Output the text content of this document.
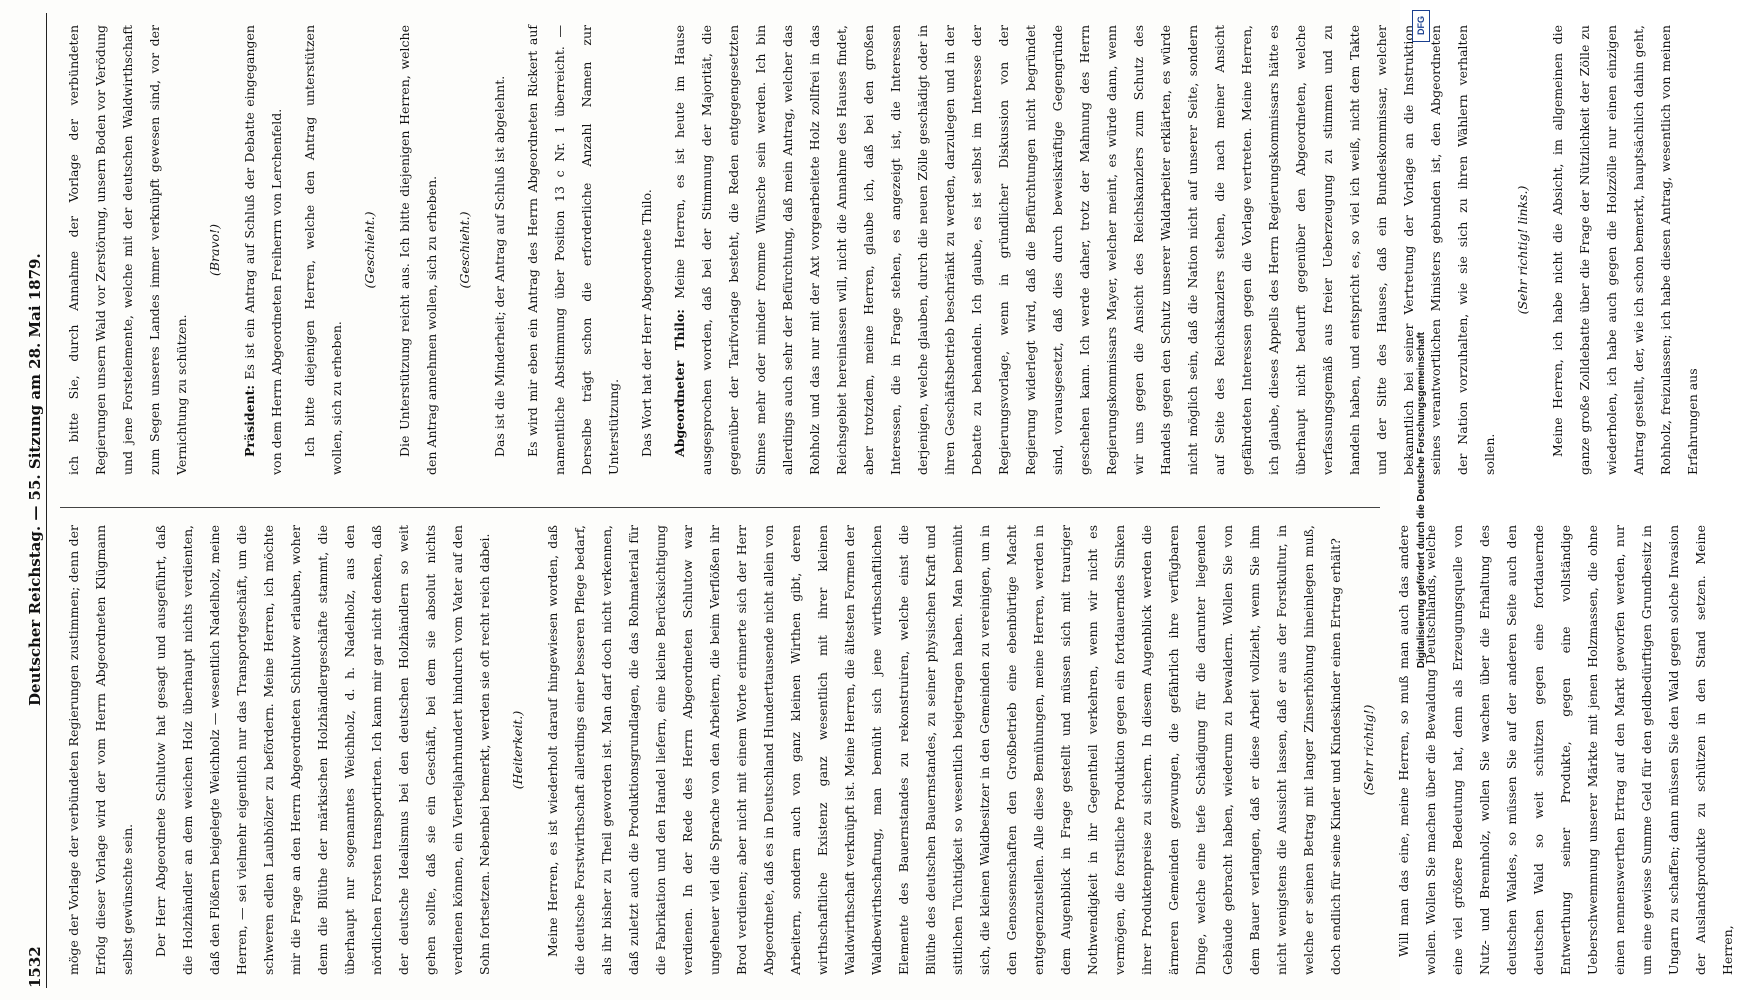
1532
Deutscher Reichstag. — 55. Sitzung am 28. Mai 1879.

möge der Vorlage der verbündeten Regierungen zustimmen; denn der Erfolg dieser Vorlage wird der vom Herrn Abgeordneten Klügmann selbst gewünschte sein.	Der Herr Abgeordnete Schlutow hat gesagt und ausgeführt, daß die Holzhändler an dem weichen Holz überhaupt nichts verdienten, daß den Flößern beigelegte Weichholz — wesentlich Nadelholz, meine Herren, — sei vielmehr eigentlich nur das Transportgeschäft, um die schweren edlen Laubhölzer zu befördern. Meine Herren, ich möchte mir die Frage an den Herrn Abgeordneten Schlutow erlauben, woher denn die Blüthe der märkischen Holzhändlergeschäfte stammt, die überhaupt nur sogenanntes Weichholz, d. h. Nadelholz, aus den nördlichen Forsten transportirten. Ich kann mir gar nicht denken, daß der deutsche Idealismus bei den deutschen Holzhändlern so weit gehen sollte, daß sie ein Geschäft, bei dem sie absolut nichts verdienen können, ein Vierteljahrhundert hindurch vom Vater auf den Sohn fortsetzen. Nebenbei bemerkt, werden sie oft recht reich dabei.	(Heiterkeit.)	Meine Herren, es ist wiederholt darauf hingewiesen worden, daß die deutsche Forstwirthschaft allerdings einer besseren Pflege bedarf, als ihr bisher zu Theil geworden ist. Man darf doch nicht verkennen, daß zuletzt auch die Produktionsgrundlagen, die das Rohmaterial für die Fabrikation und den Handel liefern, eine kleine Berücksichtigung verdienen. In der Rede des Herrn Abgeordneten Schlutow war ungeheuer viel die Sprache von den Arbeitern, die beim Verflößen ihr Brod verdienen; aber nicht mit einem Worte erinnerte sich der Herr Abgeordnete, daß es in Deutschland Hunderttausende nicht allein von Arbeitern, sondern auch von ganz kleinen Wirthen gibt, deren wirthschaftliche Existenz ganz wesentlich mit ihrer kleinen Waldwirthschaft verknüpft ist. Meine Herren, die ältesten Formen der Waldbewirthschaftung, man bemüht sich jene wirthschaftlichen Elemente des Bauernstandes zu rekonstruiren, welche einst die Blüthe des deutschen Bauernstandes, zu seiner physischen Kraft und sittlichen Tüchtigkeit so wesentlich beigetragen haben. Man bemüht sich, die kleinen Waldbesitzer in den Gemeinden zu vereinigen, um in den Genossenschaften den Großbetrieb eine ebenbürtige Macht entgegenzustellen. Alle diese Bemühungen, meine Herren, werden in dem Augenblick in Frage gestellt und müssen sich mit trauriger Nothwendigkeit in ihr Gegentheil verkehren, wenn wir nicht es vermögen, die forstliche Produktion gegen ein fortdauerndes Sinken ihrer Produktenpreise zu sichern. In diesem Augenblick werden die ärmeren Gemeinden gezwungen, die gefährlich ihre verfügbaren Dinge, welche eine tiefe Schädigung für die darunter liegenden Gebäude gebracht haben, wiederum zu bewaldern. Wollen Sie von dem Bauer verlangen, daß er diese Arbeit vollzieht, wenn Sie ihm nicht wenigstens die Aussicht lassen, daß er aus der Forstkultur, in welche er seinen Betrag mit langer Zinserhöhung hineinlegen muß, doch endlich für seine Kinder und Kindeskinder einen Ertrag erhält?	(Sehr richtig!)	Will man das eine, meine Herren, so muß man auch das andere wollen. Wollen Sie machen über die Bewaldung Deutschlands, welche eine viel größere Bedeutung hat, denn als Erzeugungsquelle von Nutz- und Brennholz, wollen Sie wachen über die Erhaltung des deutschen Waldes, so müssen Sie auf der anderen Seite auch den deutschen Wald so weit schützen gegen eine fortdauernde Entwerthung seiner Produkte, gegen eine vollständige Ueberschwemmung unserer Märkte mit jenen Holzmassen, die ohne einen nennenswerthen Ertrag auf den Markt geworfen werden, nur um eine gewisse Summe Geld für den geldbedürftigen Grundbesitz in Ungarn zu schaffen; dann müssen Sie den Wald gegen solche Invasion der Auslandsprodukte zu schützen in den Stand setzen. Meine Herren,

ich bitte Sie, durch Annahme der Vorlage der verbündeten Regierungen unsern Wald vor Zerstörung, unsern Boden vor Verödung und jene Forstelemente, welche mit der deutschen Waldwirthschaft zum Segen unseres Landes immer verknüpft gewesen sind, vor der Vernichtung zu schützen.

(Bravo!)

Präsident: Es ist ein Antrag auf Schluß der Debatte eingegangen von dem Herrn Abgeordneten Freiherrn von Lerchenfeld.	Ich bitte diejenigen Herren, welche den Antrag unterstützen wollen, sich zu erheben.

(Geschieht.)	Die Unterstützung reicht aus. Ich bitte diejenigen Herren, welche den Antrag annehmen wollen, sich zu erheben.	(Geschieht.)	Das ist die Minderheit; der Antrag auf Schluß ist abgelehnt.	Es wird mir eben ein Antrag des Herrn Abgeordneten Rickert auf namentliche Abstimmung über Position 13 c Nr. 1 überreicht. — Derselbe trägt schon die erforderliche Anzahl Namen zur Unterstützung.	Das Wort hat der Herr Abgeordnete Thilo.	Abgeordneter Thilo: Meine Herren, es ist heute im Hause ausgesprochen worden, daß bei der Stimmung der Majorität, die gegenüber der Tarifvorlage besteht, die Reden entgegengesetzten Sinnes mehr oder minder fromme Wünsche sein werden. Ich bin allerdings auch sehr der Befürchtung, daß mein Antrag, welcher das Rohholz und das nur mit der Axt vorgearbeitete Holz zollfrei in das Reichsgebiet hereinlassen will, nicht die Annahme des Hauses findet, aber trotzdem, meine Herren, glaube ich, daß bei den großen Interessen, die in Frage stehen, es angezeigt ist, die Interessen derjenigen, welche glauben, durch die neuen Zölle geschädigt oder in ihren Geschäftsbetrieb beschränkt zu werden, darzulegen und in der Debatte zu behandeln. Ich glaube, es ist selbst im Interesse der Regierungsvorlage, wenn in gründlicher Diskussion von der Regierung widerlegt wird, daß die Befürchtungen nicht begründet sind, vorausgesetzt, daß dies durch beweiskräftige Gegengründe geschehen kann. Ich werde daher, trotz der Mahnung des Herrn Regierungskommissars Mayer, welcher meint, es würde dann, wenn wir uns gegen die Ansicht des Reichskanzlers zum Schutz des Handels gegen den Schutz unserer Waldarbeiter erklärten, es würde nicht möglich sein, daß die Nation nicht auf unserer Seite, sondern auf Seite des Reichskanzlers stehen, die nach meiner Ansicht gefährdeten Interessen gegen die Vorlage vertreten. Meine Herren, ich glaube, dieses Appells des Herrn Regierungskommissars hätte es überhaupt nicht bedurft gegenüber den Abgeordneten, welche verfassungsgemäß aus freier Ueberzeugung zu stimmen und zu handeln haben, und entspricht es, so viel ich weiß, nicht dem Takte und der Sitte des Hauses, daß ein Bundeskommissar, welcher bekanntlich bei seiner Vertretung der Vorlage an die Instruktion seines verantwortlichen Ministers gebunden ist, den Abgeordneten der Nation vorzuhalten, wie sie sich zu ihren Wählern verhalten sollen.

(Sehr richtig! links.)	Meine Herren, ich habe nicht die Absicht, im allgemeinen die ganze große Zolldebatte über die Frage der Nützlichkeit der Zölle zu wiederholen, ich habe auch gegen die Holzzölle nur einen einzigen Antrag gestellt, der, wie ich schon bemerkt, hauptsächlich dahin geht, Rohholz, freizulassen; ich habe diesen Antrag, wesentlich von meinen Erfahrungen aus

DFG
Digitalisierung gefördert durch die Deutsche Forschungsgemeinschaft
